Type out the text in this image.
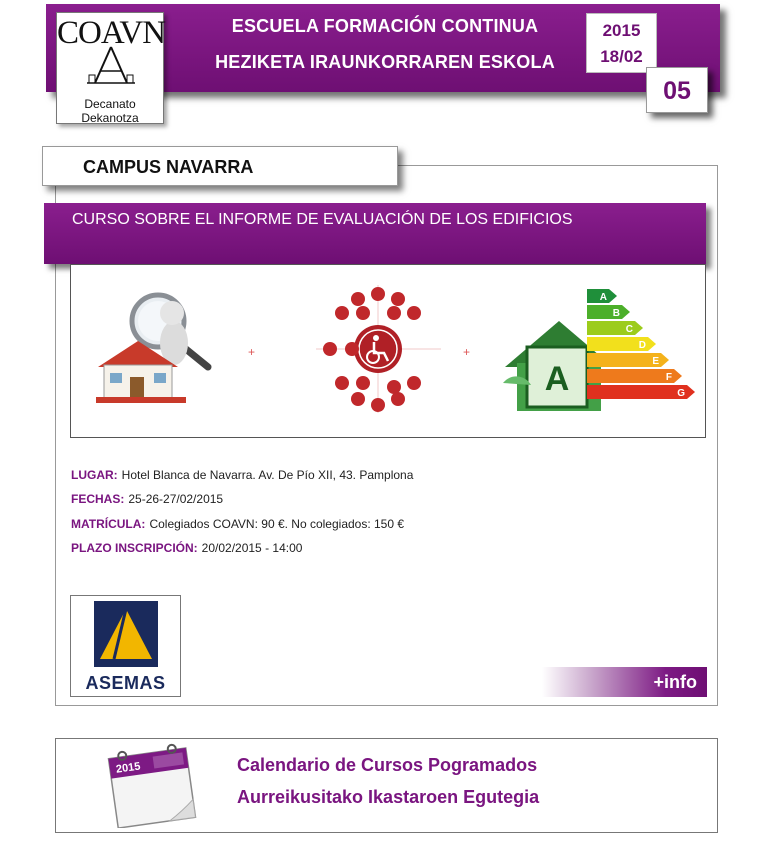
ESCUELA FORMACIÓN CONTINUA
HEZIKETA IRAUNKORRAREN ESKOLA
COAVN
Decanato
Dekanotza
2015
18/02
05
CAMPUS NAVARRA
CURSO SOBRE EL INFORME DE EVALUACIÓN DE LOS EDIFICIOS
+	+
A
A
B
C
D
E
F
G
LUGAR: Hotel Blanca de Navarra. Av. De Pío XII, 43. Pamplona
FECHAS: 25-26-27/02/2015
MATRÍCULA: Colegiados COAVN: 90 €. No colegiados: 150 €
PLAZO INSCRIPCIÓN: 20/02/2015 - 14:00
ASEMAS	+info
2015	Calendario de Cursos Pogramados
Aurreikusitako Ikastaroen Egutegia
